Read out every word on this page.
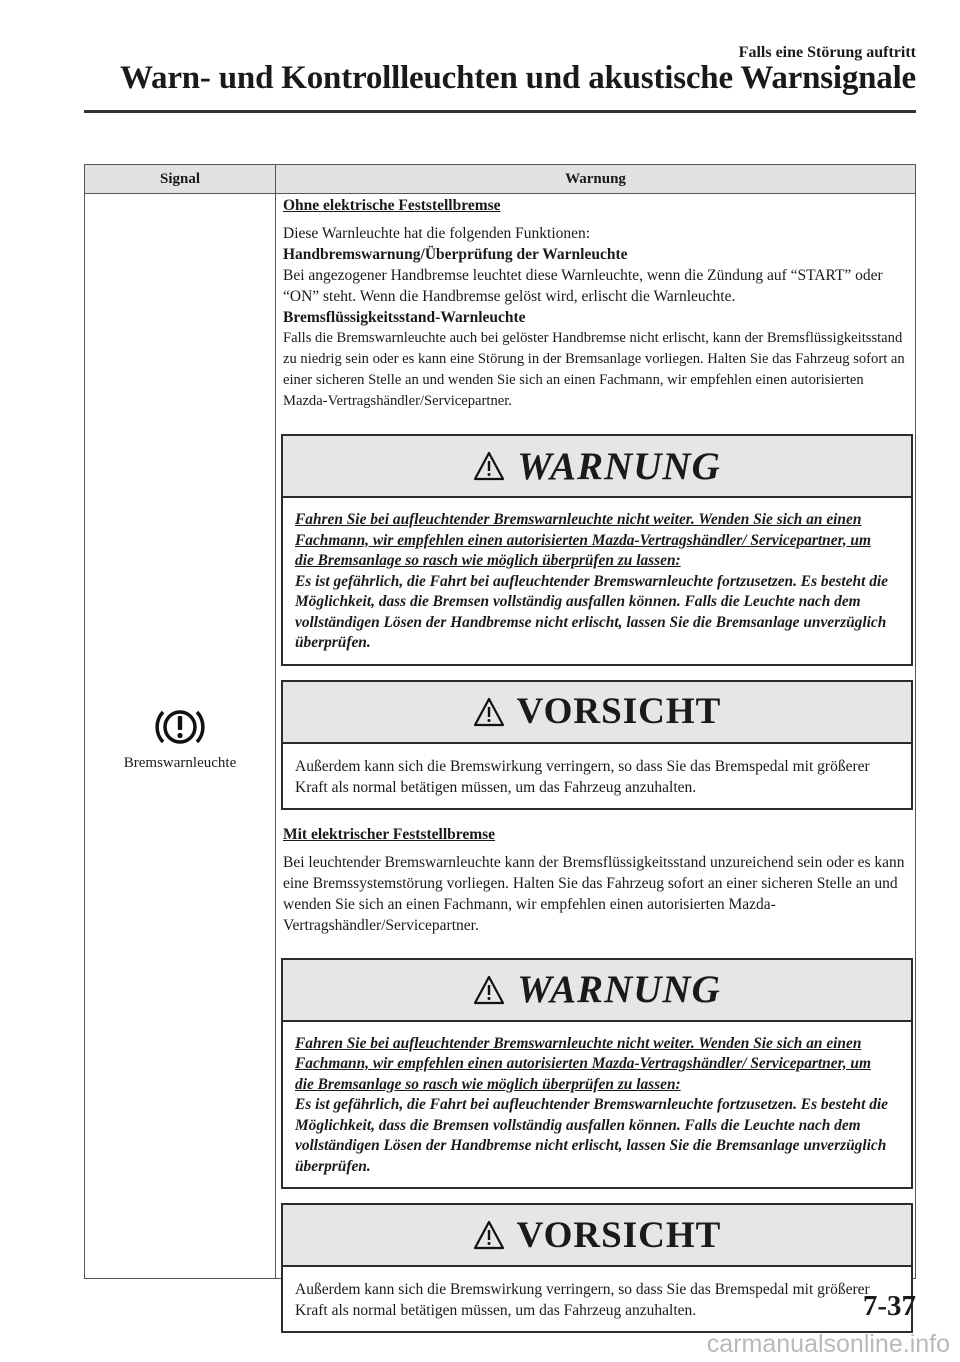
Falls eine Störung auftritt
Warn- und Kontrollleuchten und akustische Warnsignale
Signal	Warnung
Bremswarnleuchte

Ohne elektrische Feststellbremse

Diese Warnleuchte hat die folgenden Funktionen:

Handbremswarnung/Überprüfung der Warnleuchte

Bei angezogener Handbremse leuchtet diese Warnleuchte, wenn die Zündung auf “START” oder “ON” steht. Wenn die Handbremse gelöst wird, erlischt die Warnleuchte.

Bremsflüssigkeitsstand-Warnleuchte

Falls die Bremswarnleuchte auch bei gelöster Handbremse nicht erlischt, kann der Bremsflüssigkeitsstand zu niedrig sein oder es kann eine Störung in der Bremsanlage vorliegen. Halten Sie das Fahrzeug sofort an einer sicheren Stelle an und wenden Sie sich an einen Fachmann, wir empfehlen einen autorisierten Mazda-Vertragshändler/Servicepartner.

WARNUNG

Fahren Sie bei aufleuchtender Bremswarnleuchte nicht weiter. Wenden Sie sich an einen Fachmann, wir empfehlen einen autorisierten Mazda-Vertragshändler/ Servicepartner, um die Bremsanlage so rasch wie möglich überprüfen zu lassen:

Es ist gefährlich, die Fahrt bei aufleuchtender Bremswarnleuchte fortzusetzen. Es besteht die Möglichkeit, dass die Bremsen vollständig ausfallen können. Falls die Leuchte nach dem vollständigen Lösen der Handbremse nicht erlischt, lassen Sie die Bremsanlage unverzüglich überprüfen.

VORSICHT

Außerdem kann sich die Bremswirkung verringern, so dass Sie das Bremspedal mit größerer Kraft als normal betätigen müssen, um das Fahrzeug anzuhalten.

Mit elektrischer Feststellbremse

Bei leuchtender Bremswarnleuchte kann der Bremsflüssigkeitsstand unzureichend sein oder es kann eine Bremssystemstörung vorliegen. Halten Sie das Fahrzeug sofort an einer sicheren Stelle an und wenden Sie sich an einen Fachmann, wir empfehlen einen autorisierten Mazda-Vertragshändler/Servicepartner.

WARNUNG

Fahren Sie bei aufleuchtender Bremswarnleuchte nicht weiter. Wenden Sie sich an einen Fachmann, wir empfehlen einen autorisierten Mazda-Vertragshändler/ Servicepartner, um die Bremsanlage so rasch wie möglich überprüfen zu lassen:

Es ist gefährlich, die Fahrt bei aufleuchtender Bremswarnleuchte fortzusetzen. Es besteht die Möglichkeit, dass die Bremsen vollständig ausfallen können. Falls die Leuchte nach dem vollständigen Lösen der Handbremse nicht erlischt, lassen Sie die Bremsanlage unverzüglich überprüfen.

VORSICHT

Außerdem kann sich die Bremswirkung verringern, so dass Sie das Bremspedal mit größerer Kraft als normal betätigen müssen, um das Fahrzeug anzuhalten.	7-37
carmanualsonline.info
